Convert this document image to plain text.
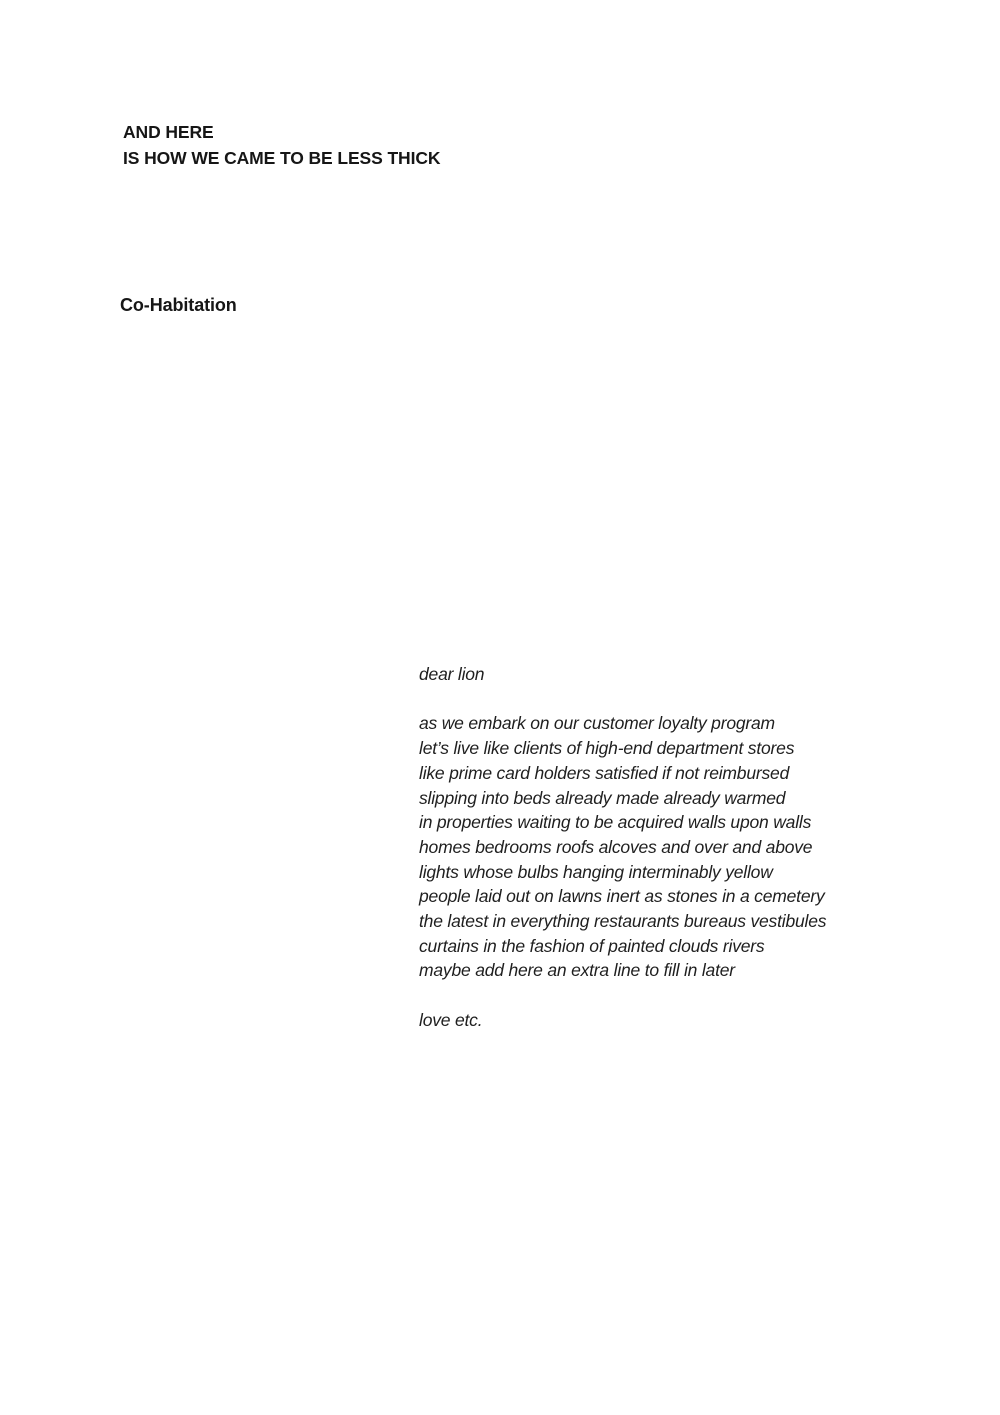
AND HERE
IS HOW WE CAME TO BE LESS THICK
Co-Habitation
dear lion
as we embark on our customer loyalty program
let’s live like clients of high-end department stores
like prime card holders satisfied if not reimbursed
slipping into beds already made already warmed
in properties waiting to be acquired walls upon walls
homes bedrooms roofs alcoves and over and above
lights whose bulbs hanging interminably yellow
people laid out on lawns inert as stones in a cemetery
the latest in everything restaurants bureaus vestibules
curtains in the fashion of painted clouds rivers
maybe add here an extra line to fill in later
love etc.
